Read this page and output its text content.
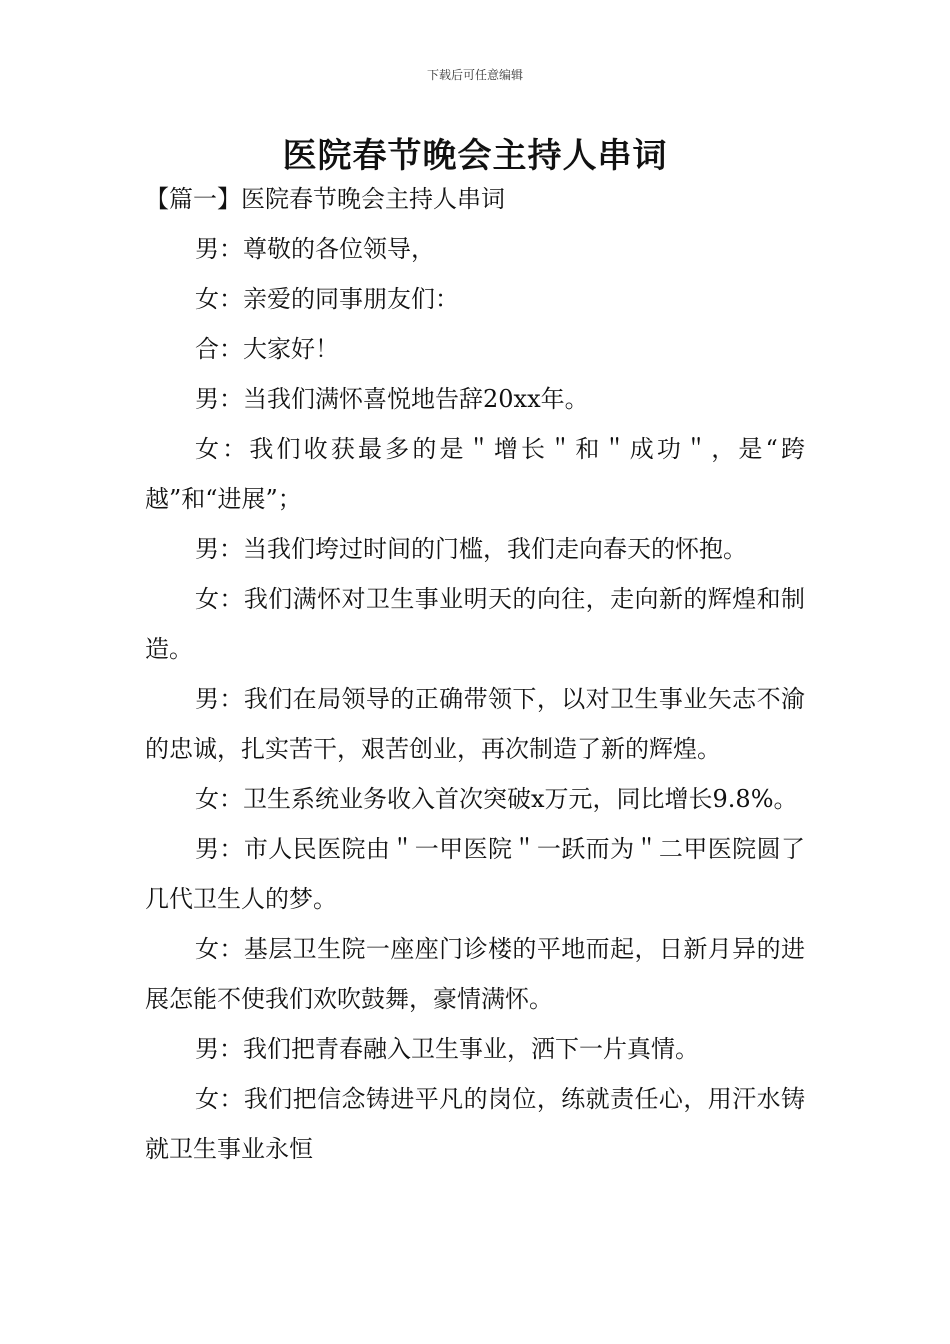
下载后可任意编辑
医院春节晚会主持人串词

【篇一】医院春节晚会主持人串词

男：尊敬的各位领导，

女：亲爱的同事朋友们：

合：大家好！

男：当我们满怀喜悦地告辞20xx年。

女：我们收获最多的是＂增长＂和＂成功＂，是“跨越”和“进展”；

男：当我们垮过时间的门槛，我们走向春天的怀抱。

女：我们满怀对卫生事业明天的向往，走向新的辉煌和制造。

男：我们在局领导的正确带领下，以对卫生事业矢志不渝的忠诚，扎实苦干，艰苦创业，再次制造了新的辉煌。

女：卫生系统业务收入首次突破x万元，同比增长9.8%。

男：市人民医院由＂一甲医院＂一跃而为＂二甲医院圆了几代卫生人的梦。

女：基层卫生院一座座门诊楼的平地而起，日新月异的进展怎能不使我们欢吹鼓舞，豪情满怀。

男：我们把青春融入卫生事业，洒下一片真情。

女：我们把信念铸进平凡的岗位，练就责任心，用汗水铸就卫生事业永恒
